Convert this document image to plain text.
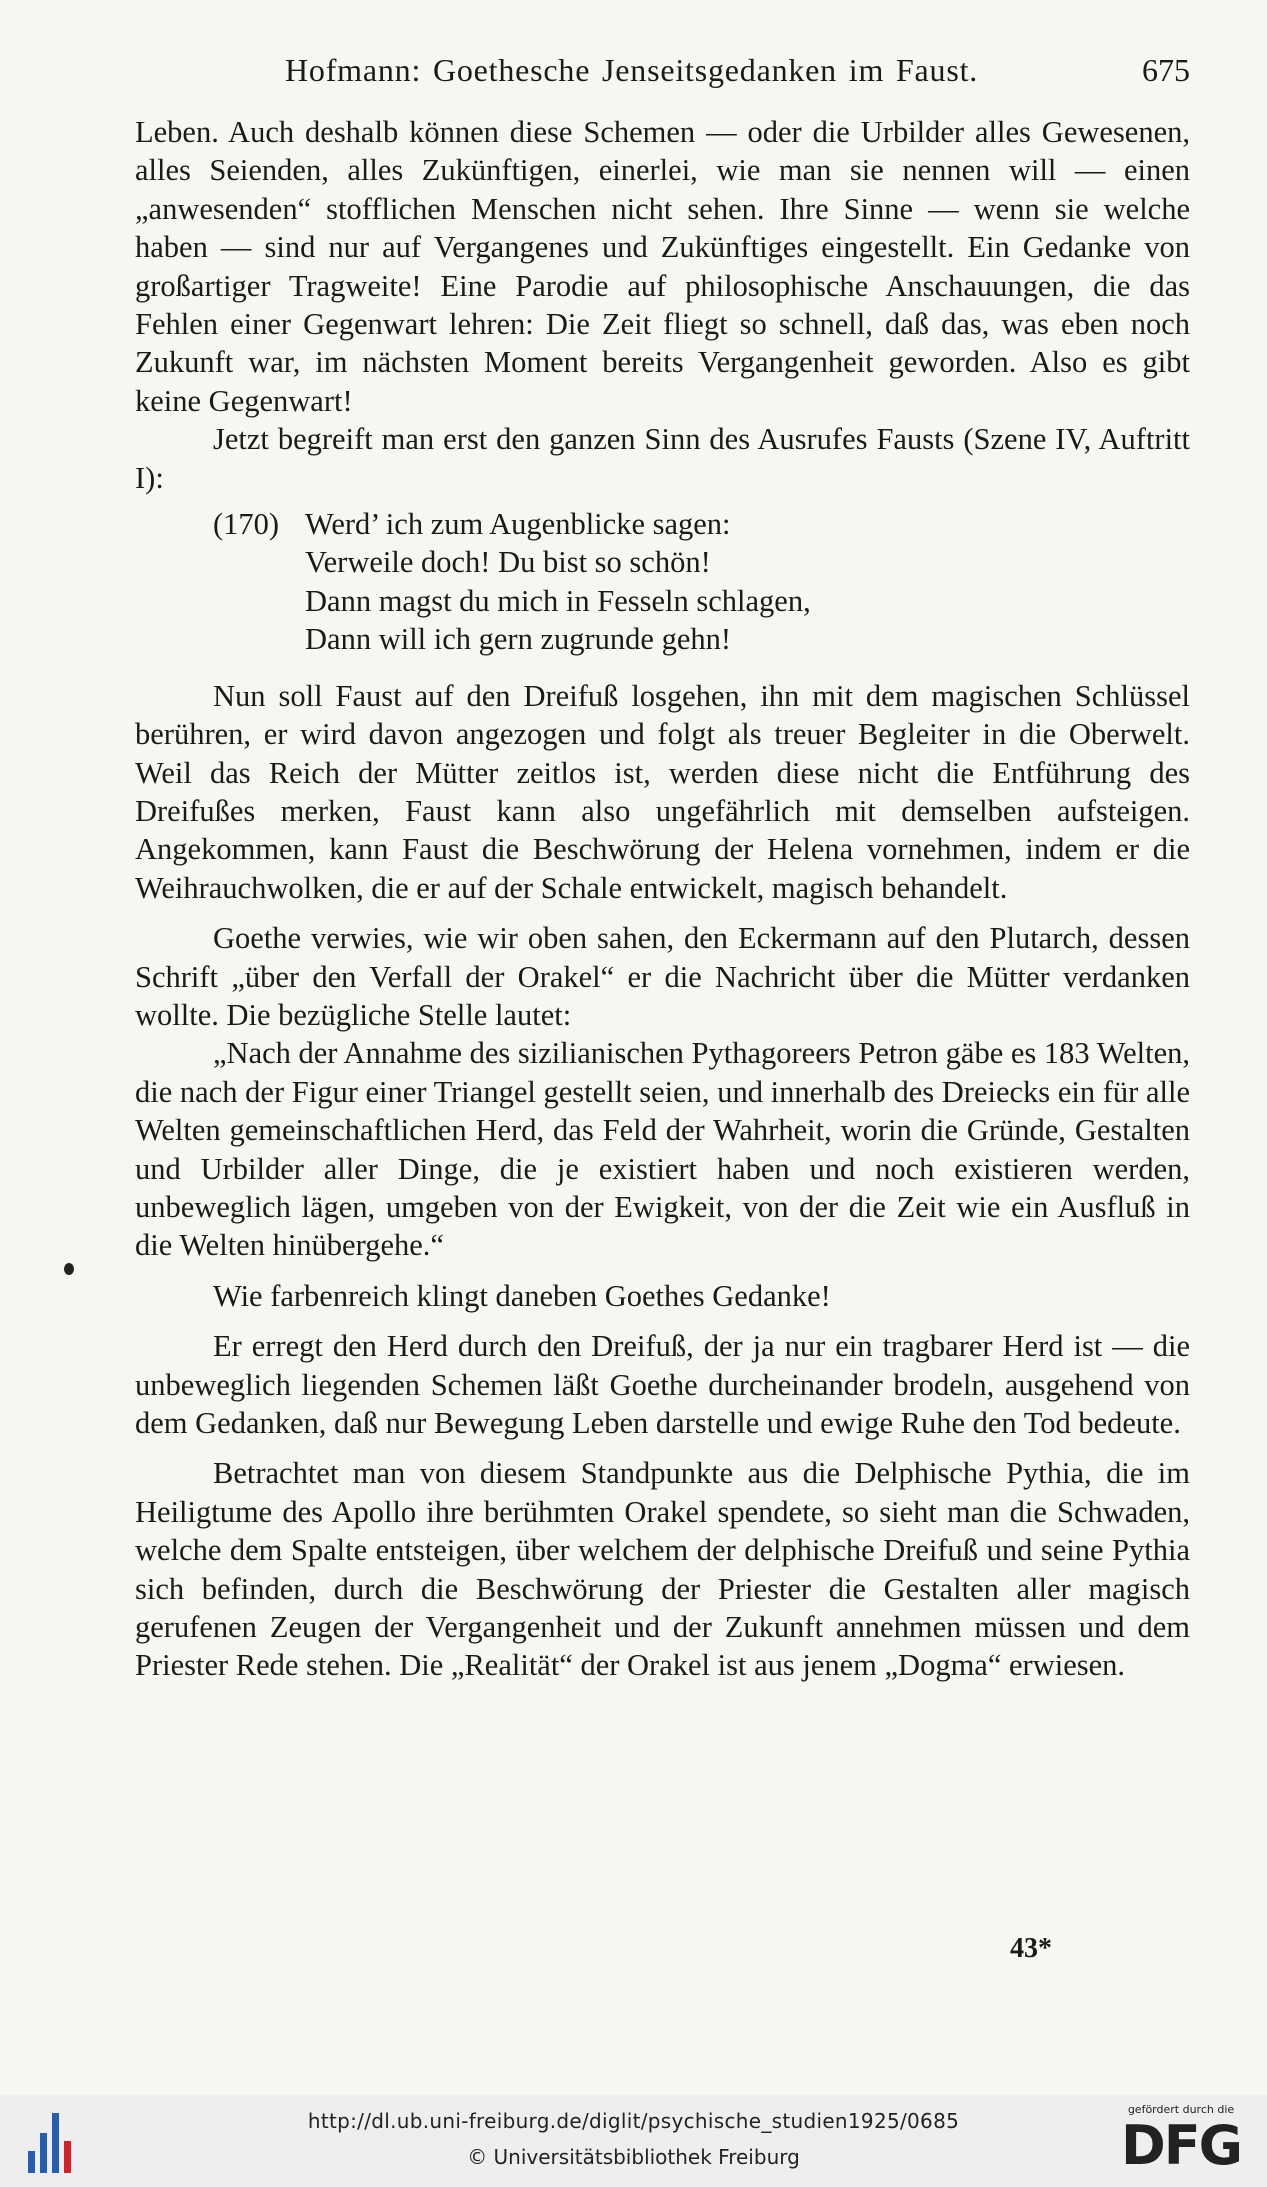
Hofmann: Goethesche Jenseitsgedanken im Faust.	675

Leben. Auch deshalb können diese Schemen — oder die Urbilder alles Gewesenen, alles Seienden, alles Zukünftigen, einerlei, wie man sie nennen will — einen „anwesenden“ stofflichen Menschen nicht sehen. Ihre Sinne — wenn sie welche haben — sind nur auf Vergangenes und Zukünftiges eingestellt. Ein Gedanke von großartiger Tragweite! Eine Parodie auf philosophische Anschauungen, die das Fehlen einer Gegenwart lehren: Die Zeit fliegt so schnell, daß das, was eben noch Zukunft war, im nächsten Moment bereits Vergangenheit geworden. Also es gibt keine Gegenwart!

Jetzt begreift man erst den ganzen Sinn des Ausrufes Fausts (Szene IV, Auftritt I):

(170) Werd’ ich zum Augenblicke sagen:
Verweile doch! Du bist so schön!
Dann magst du mich in Fesseln schlagen,
Dann will ich gern zugrunde gehn!

Nun soll Faust auf den Dreifuß losgehen, ihn mit dem magischen Schlüssel berühren, er wird davon angezogen und folgt als treuer Begleiter in die Oberwelt. Weil das Reich der Mütter zeitlos ist, werden diese nicht die Entführung des Dreifußes merken, Faust kann also ungefährlich mit demselben aufsteigen. Angekommen, kann Faust die Beschwörung der Helena vornehmen, indem er die Weihrauchwolken, die er auf der Schale entwickelt, magisch behandelt.

Goethe verwies, wie wir oben sahen, den Eckermann auf den Plutarch, dessen Schrift „über den Verfall der Orakel“ er die Nachricht über die Mütter verdanken wollte. Die bezügliche Stelle lautet:

„Nach der Annahme des sizilianischen Pythagoreers Petron gäbe es 183 Welten, die nach der Figur einer Triangel gestellt seien, und innerhalb des Dreiecks ein für alle Welten gemeinschaftlichen Herd, das Feld der Wahrheit, worin die Gründe, Gestalten und Urbilder aller Dinge, die je existiert haben und noch existieren werden, unbeweglich lägen, umgeben von der Ewigkeit, von der die Zeit wie ein Ausfluß in die Welten hinübergehe.“

Wie farbenreich klingt daneben Goethes Gedanke!

Er erregt den Herd durch den Dreifuß, der ja nur ein tragbarer Herd ist — die unbeweglich liegenden Schemen läßt Goethe durcheinander brodeln, ausgehend von dem Gedanken, daß nur Bewegung Leben darstelle und ewige Ruhe den Tod bedeute.

Betrachtet man von diesem Standpunkte aus die Delphische Pythia, die im Heiligtume des Apollo ihre berühmten Orakel spendete, so sieht man die Schwaden, welche dem Spalte entsteigen, über welchem der delphische Dreifuß und seine Pythia sich befinden, durch die Beschwörung der Priester die Gestalten aller magisch gerufenen Zeugen der Vergangenheit und der Zukunft annehmen müssen und dem Priester Rede stehen. Die „Realität“ der Orakel ist aus jenem „Dogma“ erwiesen.

43*
http://dl.ub.uni-freiburg.de/diglit/psychische_studien1925/0685
© Universitätsbibliothek Freiburg
gefördert durch die
DFG
